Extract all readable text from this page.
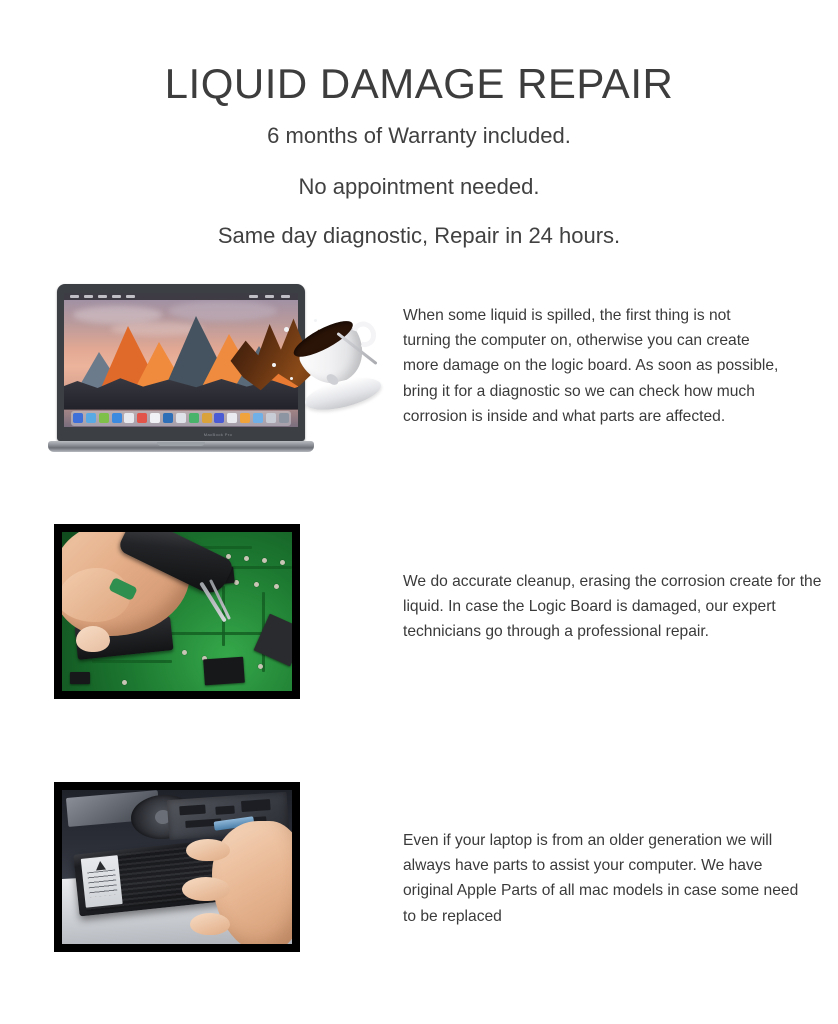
LIQUID DAMAGE REPAIR

6 months of Warranty included.

No appointment needed.

Same day diagnostic, Repair in 24 hours.

MacBook Pro

When some liquid is spilled, the first thing is not turning the computer on, otherwise you can create more damage on the logic board. As soon as possible, bring it for a diagnostic so we can check how much corrosion is inside and what parts are affected.

We do accurate cleanup, erasing the corrosion create for the liquid. In case the Logic Board is damaged, our expert technicians go through a professional repair.

Even if your laptop is from an older generation we will always have parts to assist your computer. We have original Apple Parts of all mac models in case some need to be replaced
